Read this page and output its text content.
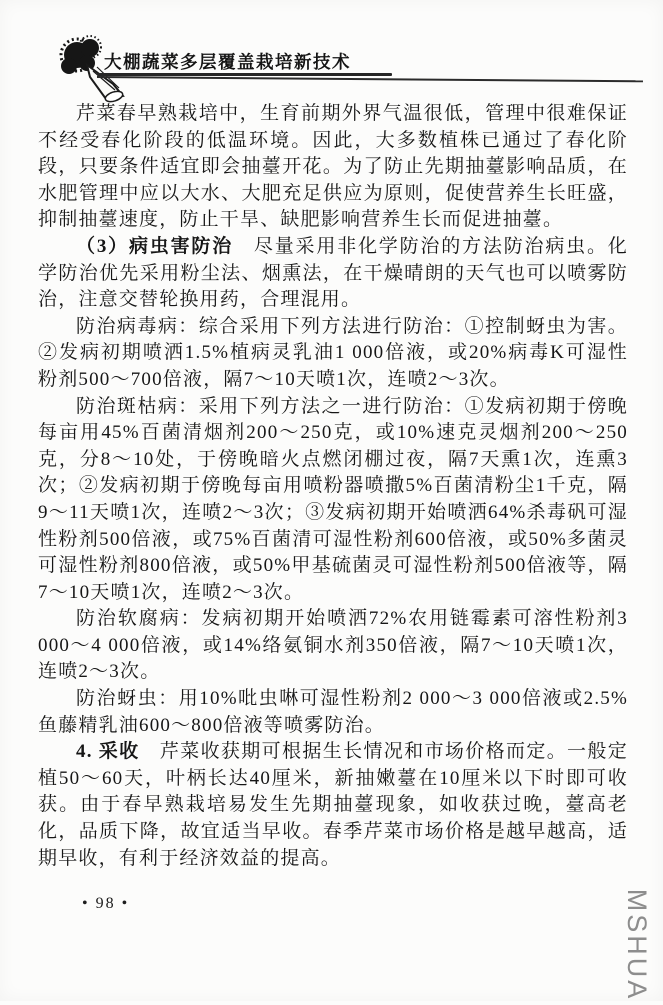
大棚蔬菜多层覆盖栽培新技术

芹菜春早熟栽培中，生育前期外界气温很低，管理中很难保证不经受春化阶段的低温环境。因此，大多数植株已通过了春化阶段，只要条件适宜即会抽薹开花。为了防止先期抽薹影响品质，在水肥管理中应以大水、大肥充足供应为原则，促使营养生长旺盛，抑制抽薹速度，防止干旱、缺肥影响营养生长而促进抽薹。

（3）病虫害防治　尽量采用非化学防治的方法防治病虫。化学防治优先采用粉尘法、烟熏法，在干燥晴朗的天气也可以喷雾防治，注意交替轮换用药，合理混用。

防治病毒病：综合采用下列方法进行防治：①控制蚜虫为害。②发病初期喷洒1.5%植病灵乳油1 000倍液，或20%病毒K可湿性粉剂500～700倍液，隔7～10天喷1次，连喷2～3次。

防治斑枯病：采用下列方法之一进行防治：①发病初期于傍晚每亩用45%百菌清烟剂200～250克，或10%速克灵烟剂200～250克，分8～10处，于傍晚暗火点燃闭棚过夜，隔7天熏1次，连熏3次；②发病初期于傍晚每亩用喷粉器喷撒5%百菌清粉尘1千克，隔9～11天喷1次，连喷2～3次；③发病初期开始喷洒64%杀毒矾可湿性粉剂500倍液，或75%百菌清可湿性粉剂600倍液，或50%多菌灵可湿性粉剂800倍液，或50%甲基硫菌灵可湿性粉剂500倍液等，隔7～10天喷1次，连喷2～3次。

防治软腐病：发病初期开始喷洒72%农用链霉素可溶性粉剂3 000～4 000倍液，或14%络氨铜水剂350倍液，隔7～10天喷1次，连喷2～3次。

防治蚜虫：用10%吡虫啉可湿性粉剂2 000～3 000倍液或2.5%鱼藤精乳油600～800倍液等喷雾防治。

4. 采收　芹菜收获期可根据生长情况和市场价格而定。一般定植50～60天，叶柄长达40厘米，新抽嫩薹在10厘米以下时即可收获。由于春早熟栽培易发生先期抽薹现象，如收获过晚，薹高老化，品质下降，故宜适当早收。春季芹菜市场价格是越早越高，适期早收，有利于经济效益的提高。

• 98 •	MSHUA
